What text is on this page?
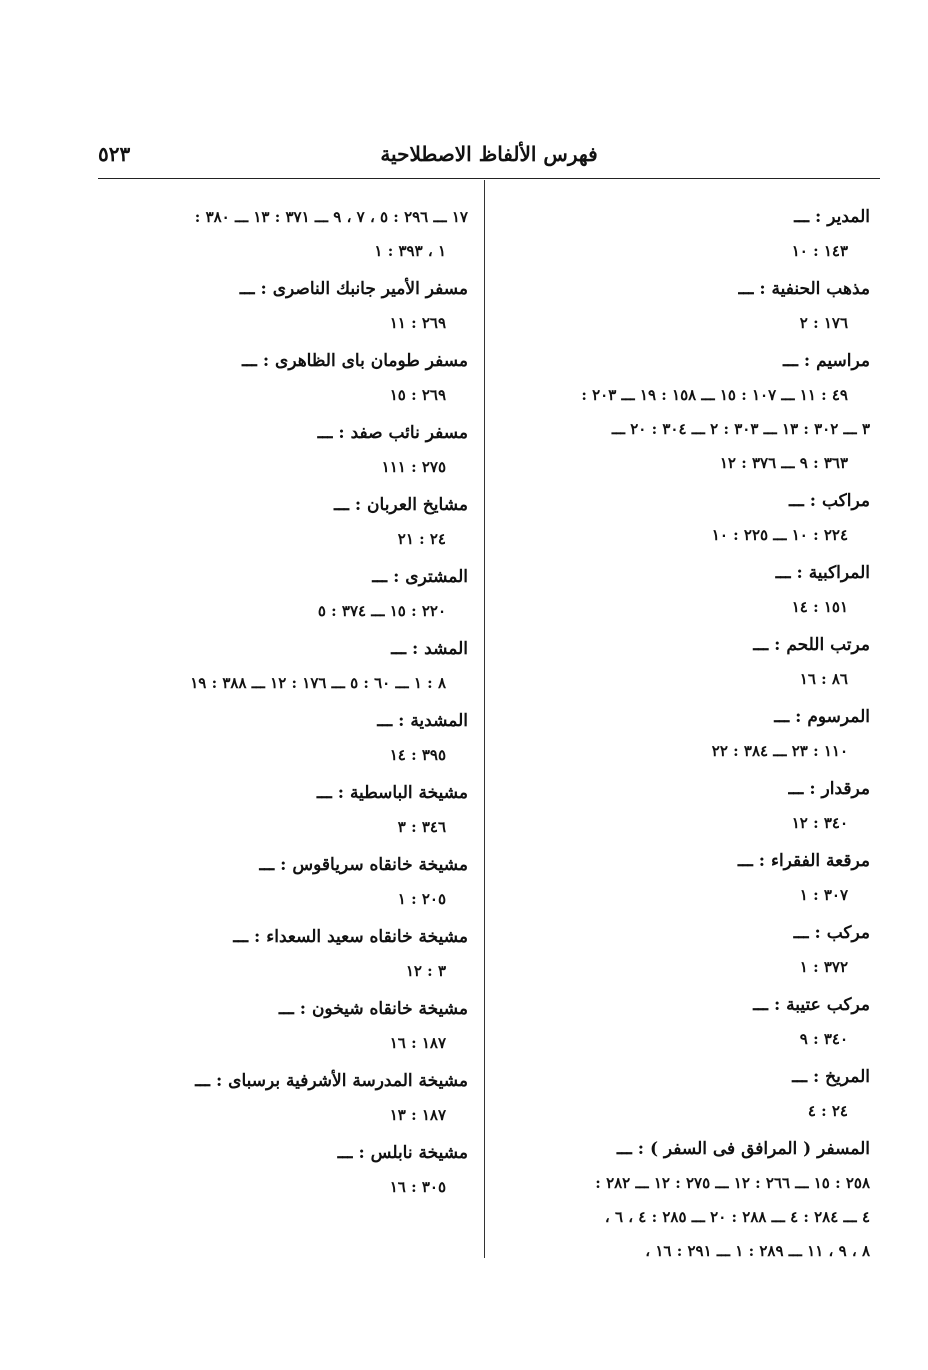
فهرس الألفاظ الاصطلاحية
٥٢٣
المدير : ـــ
١٤٣ : ١٠
مذهب الحنفية : ـــ
١٧٦ : ٢
مراسيم : ـــ
٤٩ : ١١ ـــ ١٠٧ : ١٥ ـــ ١٥٨ : ١٩ ـــ ٢٠٣ :
٣ ـــ ٣٠٢ : ١٣ ـــ ٣٠٣ : ٢ ـــ ٣٠٤ : ٢٠ ـــ
٣٦٣ : ٩ ـــ ٣٧٦ : ١٢
مراكب : ـــ
٢٢٤ : ١٠ ـــ ٢٢٥ : ١٠
المراكبية : ـــ
١٥١ : ١٤
مرتب اللحم : ـــ
٨٦ : ١٦
المرسوم : ـــ
١١٠ : ٢٣ ـــ ٣٨٤ : ٢٢
مرقدار : ـــ
٣٤٠ : ١٢
مرقعة الفقراء : ـــ
٣٠٧ : ١
مركب : ـــ
٣٧٢ : ١
مركب عتيبة : ـــ
٣٤٠ : ٩
المريخ : ـــ
٢٤ : ٤
المسفر ( المرافق فى السفر ) : ـــ
٢٥٨ : ١٥ ـــ ٢٦٦ : ١٢ ـــ ٢٧٥ : ١٢ ـــ ٢٨٢ :
٤ ـــ ٢٨٤ : ٤ ـــ ٢٨٨ : ٢٠ ـــ ٢٨٥ : ٤ ، ٦ ،
٨ ، ٩ ، ١١ ـــ ٢٨٩ : ١ ـــ ٢٩١ : ١٦ ،
١٧ ـــ ٢٩٦ : ٥ ، ٧ ، ٩ ـــ ٣٧١ : ١٣ ـــ ٣٨٠ :
١ ، ٣٩٣ : ١
مسفر الأمير جانبك الناصرى : ـــ
٢٦٩ : ١١
مسفر طومان باى الظاهرى : ـــ
٢٦٩ : ١٥
مسفر نائب صفد : ـــ
٢٧٥ : ١١١
مشايخ العربان : ـــ
٢٤ : ٢١
المشترى : ـــ
٢٢٠ : ١٥ ـــ ٣٧٤ : ٥
المشد : ـــ
٨ : ١ ـــ ٦٠ : ٥ ـــ ١٧٦ : ١٢ ـــ ٣٨٨ : ١٩
المشدية : ـــ
٣٩٥ : ١٤
مشيخة الباسطية : ـــ
٣٤٦ : ٣
مشيخة خانقاه سرياقوس : ـــ
٢٠٥ : ١
مشيخة خانقاه سعيد السعداء : ـــ
٣ : ١٢
مشيخة خانقاه شيخون : ـــ
١٨٧ : ١٦
مشيخة المدرسة الأشرفية برسباى : ـــ
١٨٧ : ١٣
مشيخة نابلس : ـــ
٣٠٥ : ١٦
